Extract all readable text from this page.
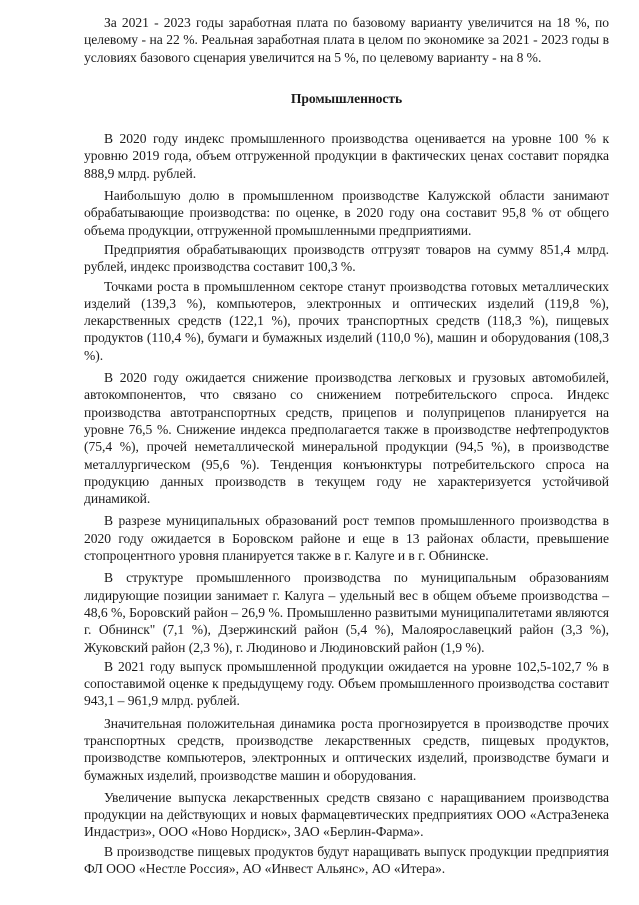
За 2021 - 2023 годы заработная плата по базовому варианту увеличится на 18 %, по целевому - на 22 %. Реальная заработная плата в целом по экономике за 2021 - 2023 годы в условиях базового сценария увеличится на 5 %, по целевому варианту - на 8 %.

Промышленность

В 2020 году индекс промышленного производства оценивается на уровне 100 % к уровню 2019 года, объем отгруженной продукции в фактических ценах составит порядка 888,9 млрд. рублей.

Наибольшую долю в промышленном производстве Калужской области занимают обрабатывающие производства: по оценке, в 2020 году она составит 95,8 % от общего объема продукции, отгруженной промышленными предприятиями.

Предприятия обрабатывающих производств отгрузят товаров на сумму 851,4 млрд. рублей, индекс производства составит 100,3 %.

Точками роста в промышленном секторе станут производства готовых металлических изделий (139,3 %), компьютеров, электронных и оптических изделий (119,8 %), лекарственных средств (122,1 %), прочих транспортных средств (118,3 %), пищевых продуктов (110,4 %), бумаги и бумажных изделий (110,0 %), машин и оборудования (108,3 %).

В 2020 году ожидается снижение производства легковых и грузовых автомобилей, автокомпонентов, что связано со снижением потребительского спроса. Индекс производства автотранспортных средств, прицепов и полуприцепов планируется на уровне 76,5 %. Снижение индекса предполагается также в производстве нефтепродуктов (75,4 %), прочей неметаллической минеральной продукции (94,5 %), в производстве металлургическом (95,6 %). Тенденция конъюнктуры потребительского спроса на продукцию данных производств в текущем году не характеризуется устойчивой динамикой.

В разрезе муниципальных образований рост темпов промышленного производства в 2020 году ожидается в Боровском районе и еще в 13 районах области, превышение стопроцентного уровня планируется также в г. Калуге и в г. Обнинске.

В структуре промышленного производства по муниципальным образованиям лидирующие позиции занимает г. Калуга – удельный вес в общем объеме производства – 48,6 %, Боровский район – 26,9 %. Промышленно развитыми муниципалитетами являются г. Обнинск" (7,1 %), Дзержинский район (5,4 %), Малоярославецкий район (3,3 %), Жуковский район (2,3 %), г. Людиново и Людиновский район (1,9 %).

В 2021 году выпуск промышленной продукции ожидается на уровне 102,5-102,7 % в сопоставимой оценке к предыдущему году. Объем промышленного производства составит 943,1 – 961,9 млрд. рублей.

Значительная положительная динамика роста прогнозируется в производстве прочих транспортных средств, производстве лекарственных средств, пищевых продуктов, производстве компьютеров, электронных и оптических изделий, производстве бумаги и бумажных изделий, производстве машин и оборудования.

Увеличение выпуска лекарственных средств связано с наращиванием производства продукции на действующих и новых фармацевтических предприятиях ООО «АстраЗенека Индастриз», ООО «Ново Нордиск», ЗАО «Берлин-Фарма».

В производстве пищевых продуктов будут наращивать выпуск продукции предприятия ФЛ ООО «Нестле Россия», АО «Инвест Альянс», АО «Итера».
